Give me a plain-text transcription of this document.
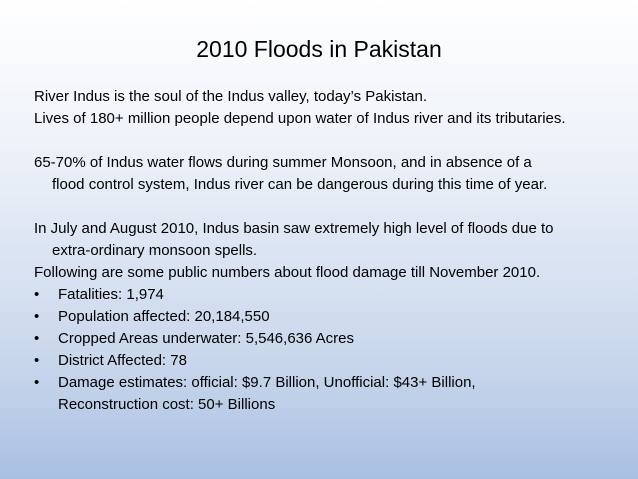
2010 Floods in Pakistan

River Indus is the soul of the Indus valley, today’s Pakistan.

Lives of 180+ million people depend upon water of Indus river and its tributaries.

65-70% of Indus water flows during summer Monsoon, and in absence of a
flood control system, Indus river can be dangerous during this time of year.

In July and August 2010, Indus basin saw extremely high level of floods due to
extra-ordinary monsoon spells.

Following are some public numbers about flood damage till November 2010.

•	Fatalities: 1,974
•	Population affected: 20,184,550
•	Cropped Areas underwater: 5,546,636 Acres
•	District Affected: 78
•	Damage estimates: official: $9.7 Billion, Unofficial: $43+ Billion,
Reconstruction cost: 50+ Billions
